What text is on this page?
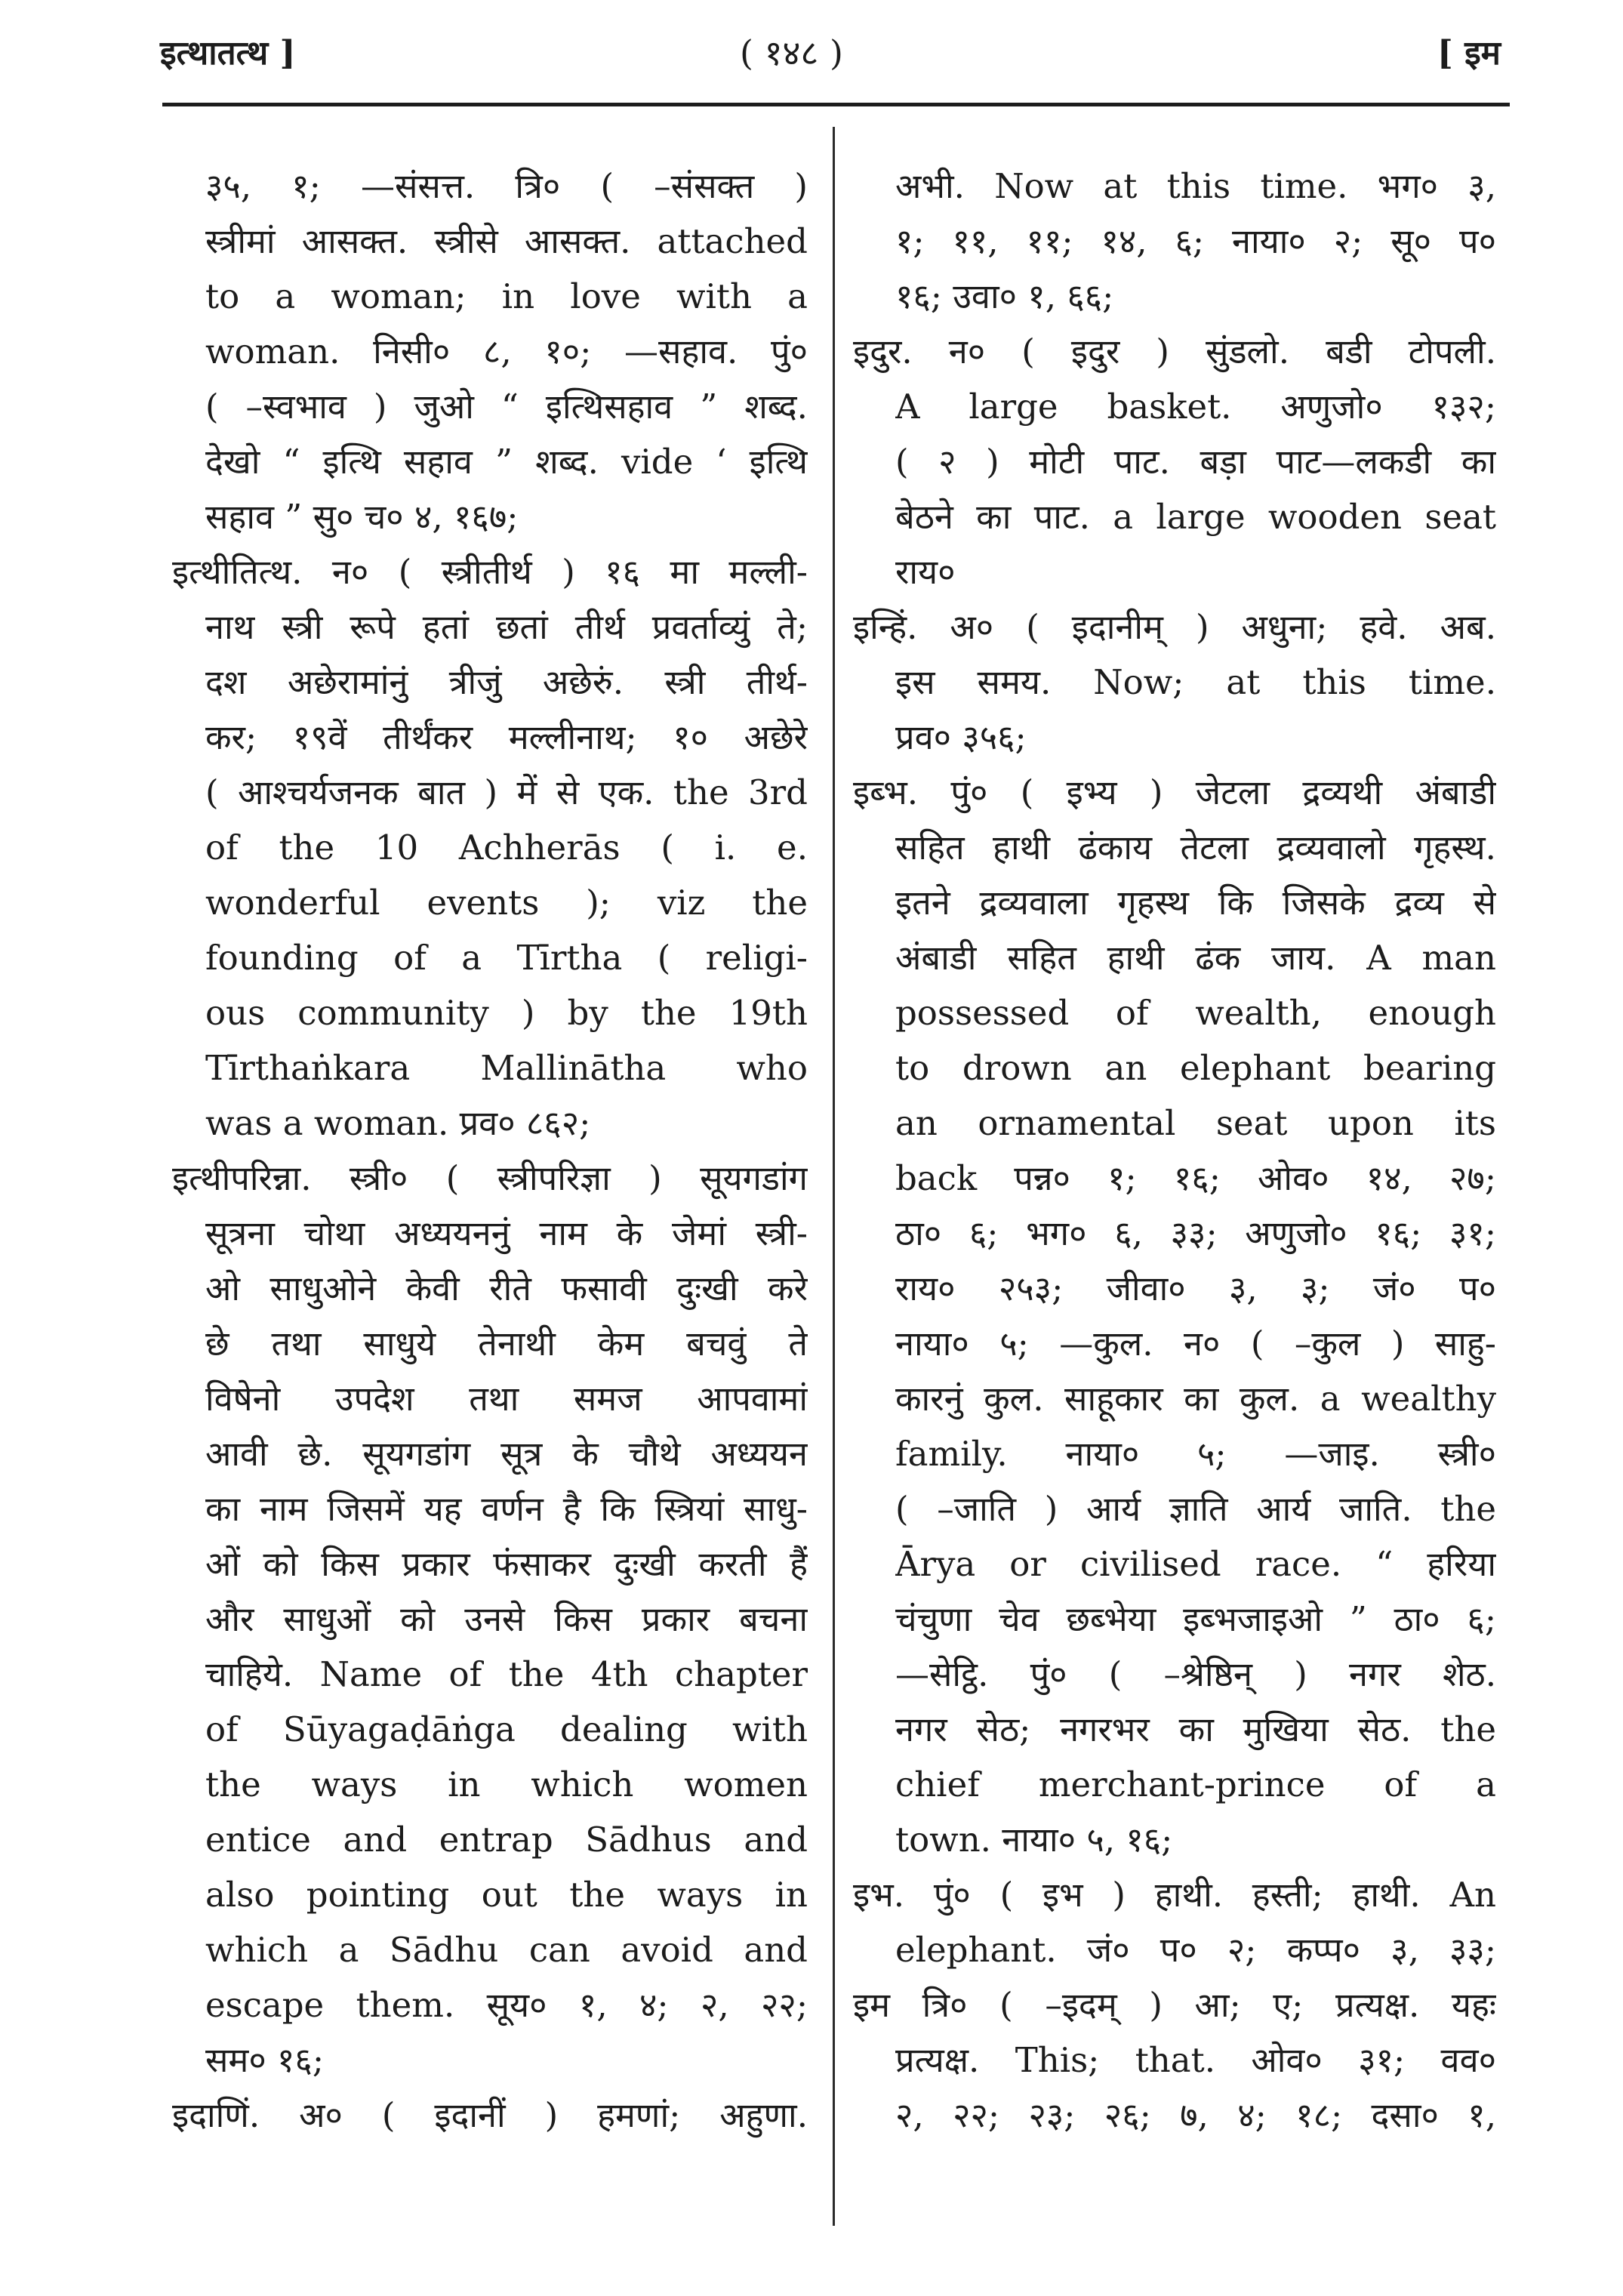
इत्थातत्थ ]	( १४८ )	[ इम
३५, १; —संसत्त. त्रि० ( –संसक्त )
स्त्रीमां आसक्त. स्त्रीसे आसक्त. attached
to a woman; in love with a
woman. निसी० ८, १०; —सहाव. पुं०
( –स्वभाव ) जुओ “ इत्थिसहाव ” शब्द.
देखो “ इत्थि सहाव ” शब्द. vide ‘ इत्थि
सहाव ” सु० च० ४, १६७;
इत्थीतित्थ. न० ( स्त्रीतीर्थ ) १६ मा मल्ली-
नाथ स्त्री रूपे हतां छतां तीर्थ प्रवर्ताव्युं ते;
दश अछेरामांनुं त्रीजुं अछेरुं. स्त्री तीर्थ-
कर; १९वें तीर्थंकर मल्लीनाथ; १० अछेरे
( आश्चर्यजनक बात ) में से एक. the 3rd
of the 10 Achherās ( i. e.
wonderful events ); viz the
founding of a Tīrtha ( religi-
ous community ) by the 19th
Tīrthaṅkara Mallinātha who
was a woman. प्रव० ८६२;
इत्थीपरिन्ना. स्त्री० ( स्त्रीपरिज्ञा ) सूयगडांग
सूत्रना चोथा अध्ययननुं नाम के जेमां स्त्री-
ओ साधुओने केवी रीते फसावी दुःखी करे
छे तथा साधुये तेनाथी केम बचवुं ते
विषेनो उपदेश तथा समज आपवामां
आवी छे. सूयगडांग सूत्र के चौथे अध्ययन
का नाम जिसमें यह वर्णन है कि स्त्रियां साधु-
ओं को किस प्रकार फंसाकर दुःखी करती हैं
और साधुओं को उनसे किस प्रकार बचना
चाहिये. Name of the 4th chapter
of Sūyagaḍāṅga dealing with
the ways in which women
entice and entrap Sādhus and
also pointing out the ways in
which a Sādhu can avoid and
escape them. सूय० १, ४; २, २२;
सम० १६;
इदाणिं. अ० ( इदानीं ) हमणां; अहुणा.
अभी. Now at this time. भग० ३,
१; ११, ११; १४, ६; नाया० २; सू० प०
१६; उवा० १, ६६;
इदुर. न० ( इदुर ) सुंडलो. बडी टोपली.
A large basket. अणुजो० १३२;
( २ ) मोटी पाट. बड़ा पाट—लकडी का
बेठने का पाट. a large wooden seat
राय०
इन्हिं. अ० ( इदानीम् ) अधुना; हवे. अब.
इस समय. Now; at this time.
प्रव० ३५६;
इब्भ. पुं० ( इभ्य ) जेटला द्रव्यथी अंबाडी
सहित हाथी ढंकाय तेटला द्रव्यवालो गृहस्थ.
इतने द्रव्यवाला गृहस्थ कि जिसके द्रव्य से
अंबाडी सहित हाथी ढंक जाय. A man
possessed of wealth, enough
to drown an elephant bearing
an ornamental seat upon its
back पन्न० १; १६; ओव० १४, २७;
ठा० ६; भग० ६, ३३; अणुजो० १६; ३१;
राय० २५३; जीवा० ३, ३; जं० प०
नाया० ५; —कुल. न० ( –कुल ) साहु-
कारनुं कुल. साहूकार का कुल. a wealthy
family. नाया० ५; —जाइ. स्त्री०
( –जाति ) आर्य ज्ञाति आर्य जाति. the
Ārya or civilised race. “ हरिया
चंचुणा चेव छब्भेया इब्भजाइओ ” ठा० ६;
—सेट्ठि. पुं० ( –श्रेष्ठिन् ) नगर शेठ.
नगर सेठ; नगरभर का मुखिया सेठ. the
chief merchant-prince of a
town. नाया० ५, १६;
इभ. पुं० ( इभ ) हाथी. हस्ती; हाथी. An
elephant. जं० प० २; कप्प० ३, ३३;
इम त्रि० ( –इदम् ) आ; ए; प्रत्यक्ष. यहः
प्रत्यक्ष. This; that. ओव० ३१; वव०
२, २२; २३; २६; ७, ४; १८; दसा० १,
